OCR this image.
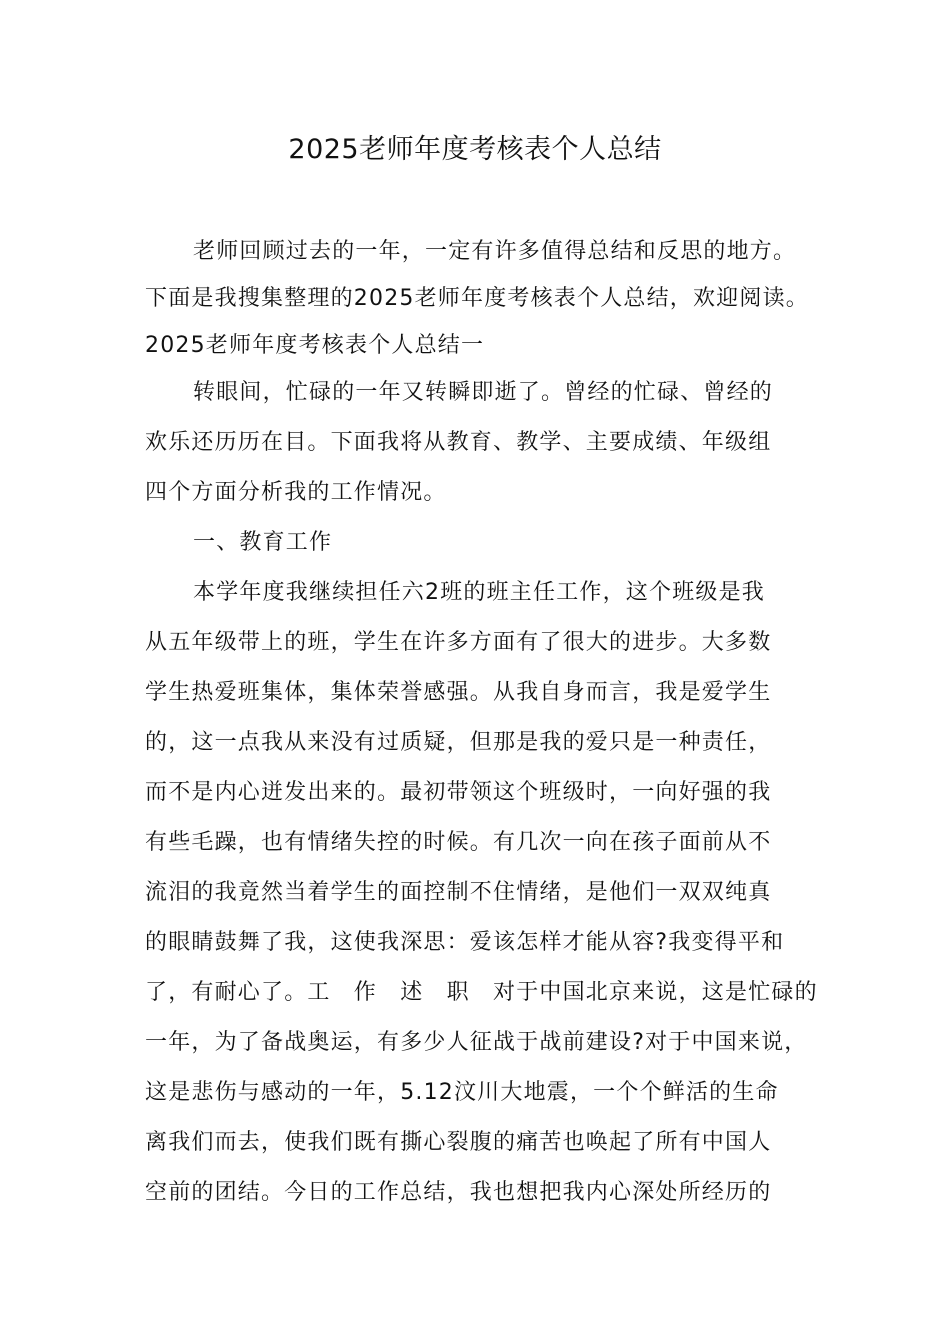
2025老师年度考核表个人总结
老师回顾过去的一年，一定有许多值得总结和反思的地方。
下面是我搜集整理的2025老师年度考核表个人总结，欢迎阅读。
2025老师年度考核表个人总结一
转眼间，忙碌的一年又转瞬即逝了。曾经的忙碌、曾经的
欢乐还历历在目。下面我将从教育、教学、主要成绩、年级组
四个方面分析我的工作情况。
一、教育工作
本学年度我继续担任六2班的班主任工作，这个班级是我
从五年级带上的班，学生在许多方面有了很大的进步。大多数
学生热爱班集体，集体荣誉感强。从我自身而言，我是爱学生
的，这一点我从来没有过质疑，但那是我的爱只是一种责任，
而不是内心迸发出来的。最初带领这个班级时，一向好强的我
有些毛躁，也有情绪失控的时候。有几次一向在孩子面前从不
流泪的我竟然当着学生的面控制不住情绪，是他们一双双纯真
的眼睛鼓舞了我，这使我深思：爱该怎样才能从容?我变得平和
了，有耐心了。工　作　述　职　对于中国北京来说，这是忙碌的
一年，为了备战奥运，有多少人征战于战前建设?对于中国来说，
这是悲伤与感动的一年，5.12汶川大地震，一个个鲜活的生命
离我们而去，使我们既有撕心裂腹的痛苦也唤起了所有中国人
空前的团结。今日的工作总结，我也想把我内心深处所经历的
